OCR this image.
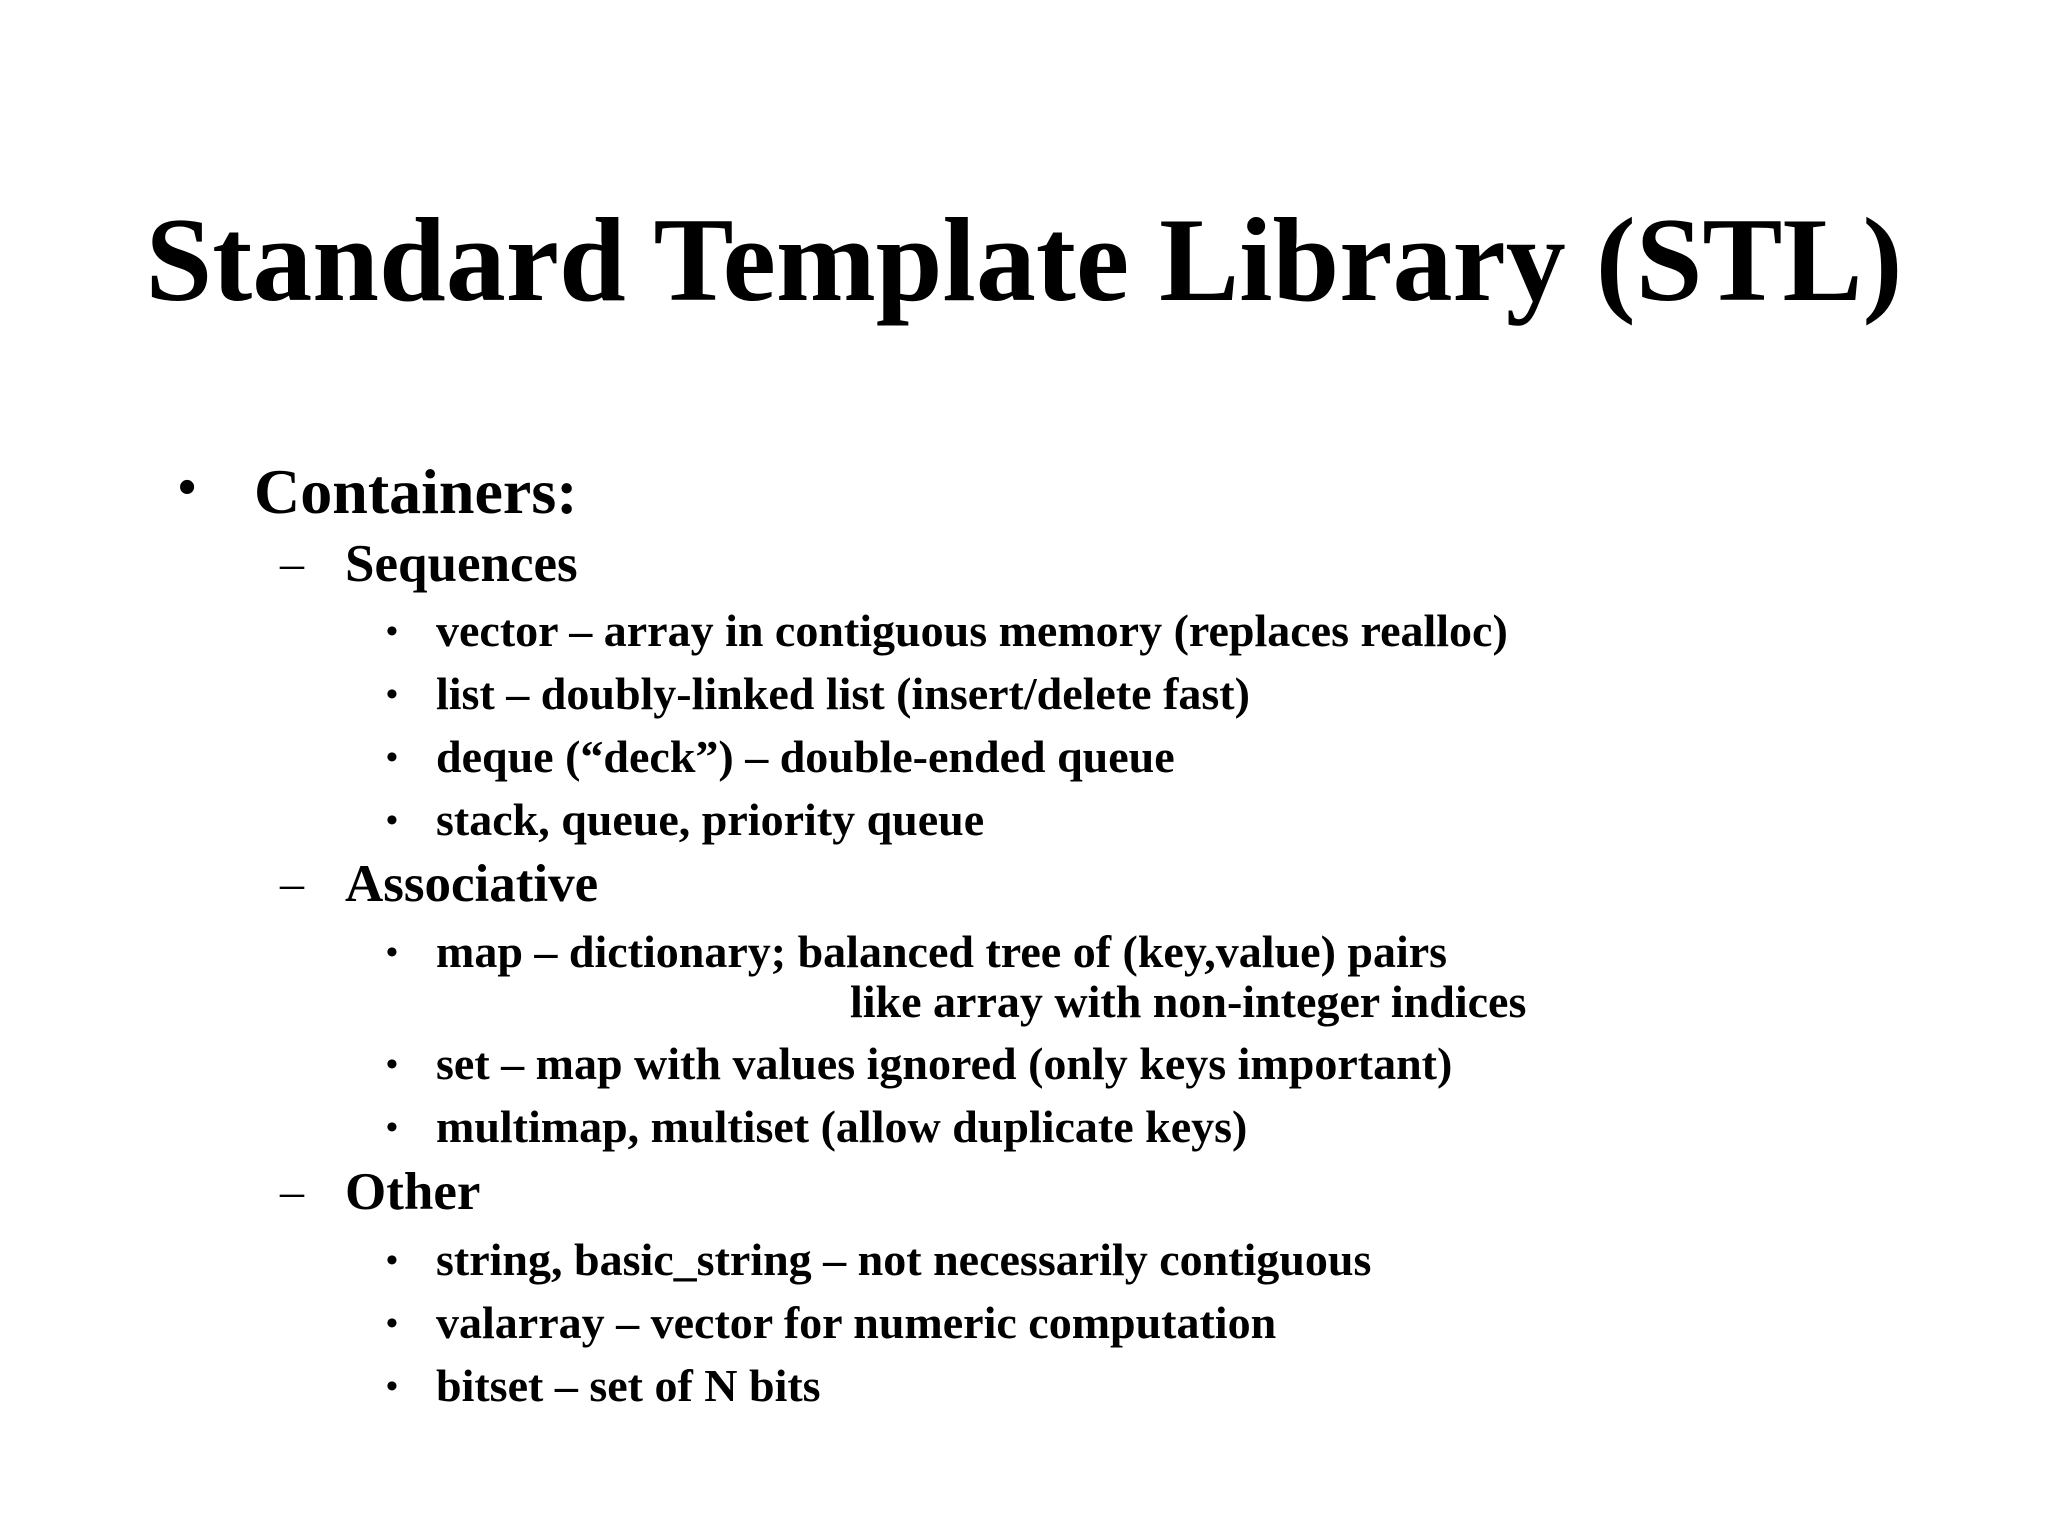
Standard Template Library (STL)
• Containers:
– Sequences
• vector – array in contiguous memory (replaces realloc)
• list – doubly-linked list (insert/delete fast)
• deque (“deck”) – double-ended queue
• stack, queue, priority queue
– Associative
• map – dictionary; balanced tree of (key,value) pairs
like array with non-integer indices
• set – map with values ignored (only keys important)
• multimap, multiset (allow duplicate keys)
– Other
• string, basic_string – not necessarily contiguous
• valarray – vector for numeric computation
• bitset – set of N bits
